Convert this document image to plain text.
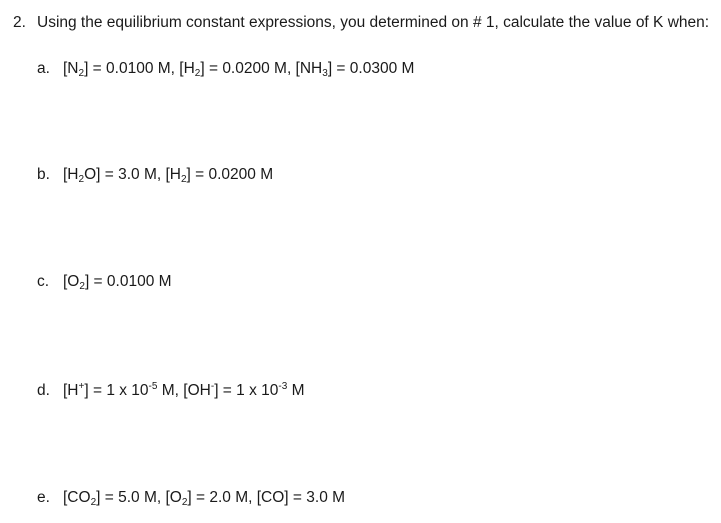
2. Using the equilibrium constant expressions, you determined on # 1, calculate the value of K when:
a. $[N_2] = 0.0100$ M, $[H_2] = 0.0200$ M, $[NH_3] = 0.0300$ M
b. $[H_2O] = 3.0$ M, $[H_2] = 0.0200$ M
c. $[O_2] = 0.0100$ M
d. [H+] = 1 x $10^{-5}$ M, [OH-] = 1 x $10^{-3}$ M
e. $[CO_2] = 5.0$ M, $[O_2] = 2.0$ M, [CO] = 3.0 M
